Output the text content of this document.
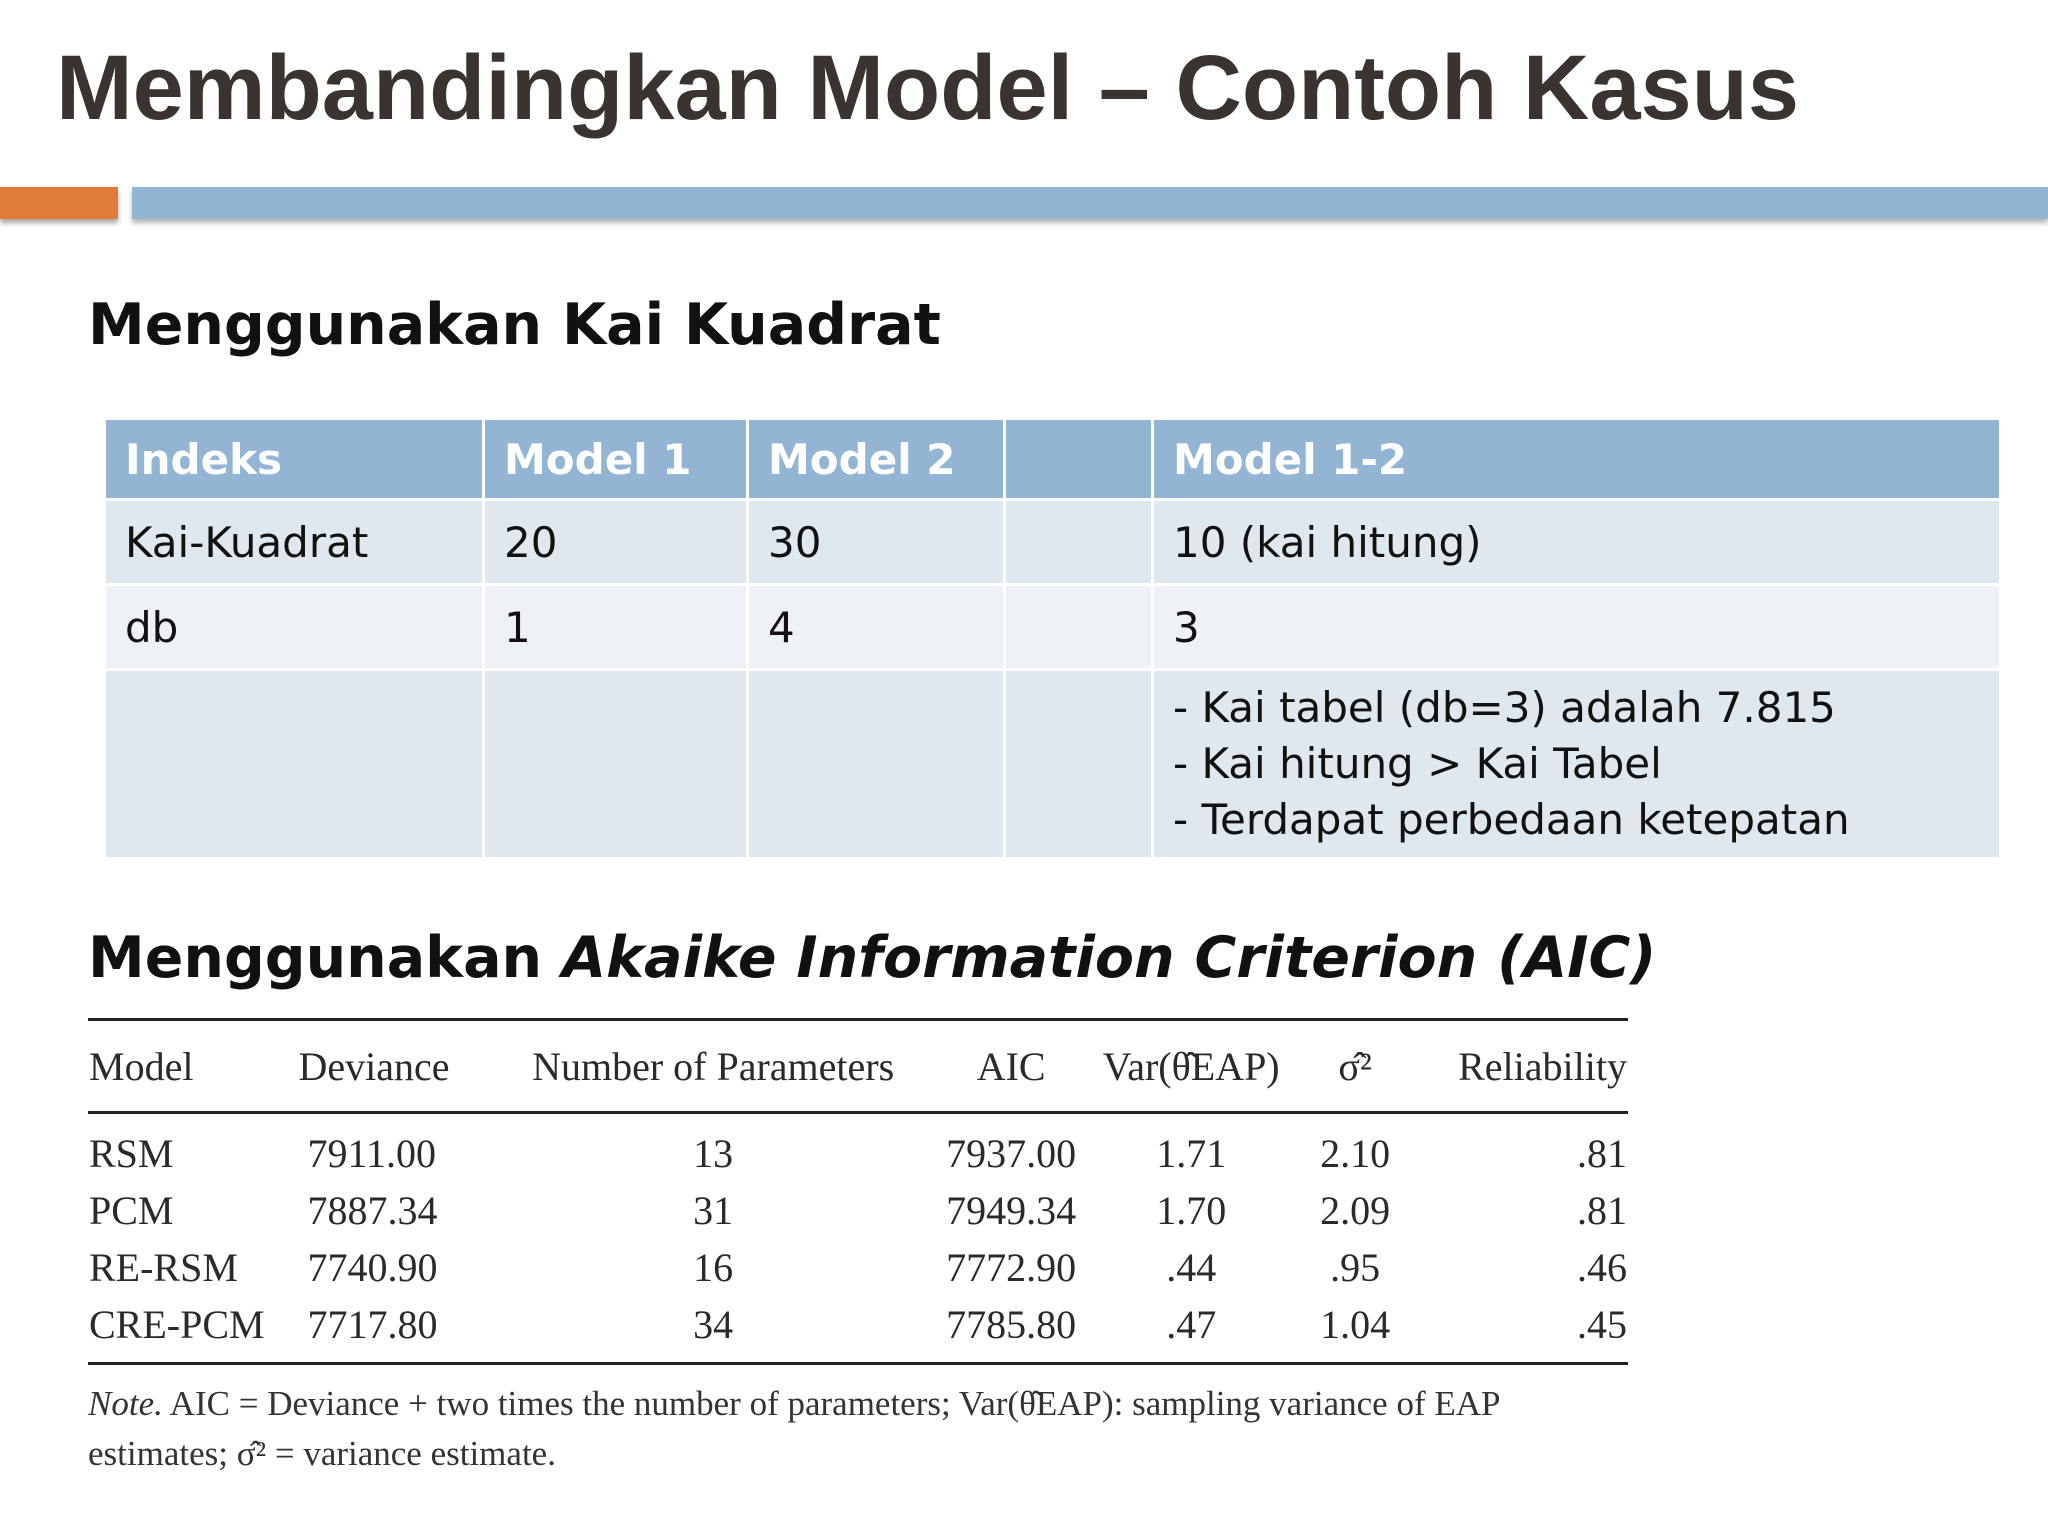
Membandingkan Model – Contoh Kasus
Menggunakan Kai Kuadrat
Indeks	Model 1	Model 2		Model 1-2
Kai-Kuadrat	20	30		10 (kai hitung)
db	1	4		3

				- Kai tabel (db=3) adalah 7.815
- Kai hitung > Kai Tabel
- Terdapat perbedaan ketepatan
Menggunakan Akaike Information Criterion (AIC)
Model	Deviance	Number of Parameters	AIC	Var(θ̂EAP)	σ̂²	Reliability
RSM	7911.00	13	7937.00	1.71	2.10	.81
PCM	7887.34	31	7949.34	1.70	2.09	.81
RE-RSM	7740.90	16	7772.90	.44	.95	.46
CRE-PCM	7717.80	34	7785.80	.47	1.04	.45
Note. AIC = Deviance + two times the number of parameters; Var(θ̂EAP): sampling variance of EAP estimates; σ̂² = variance estimate.
